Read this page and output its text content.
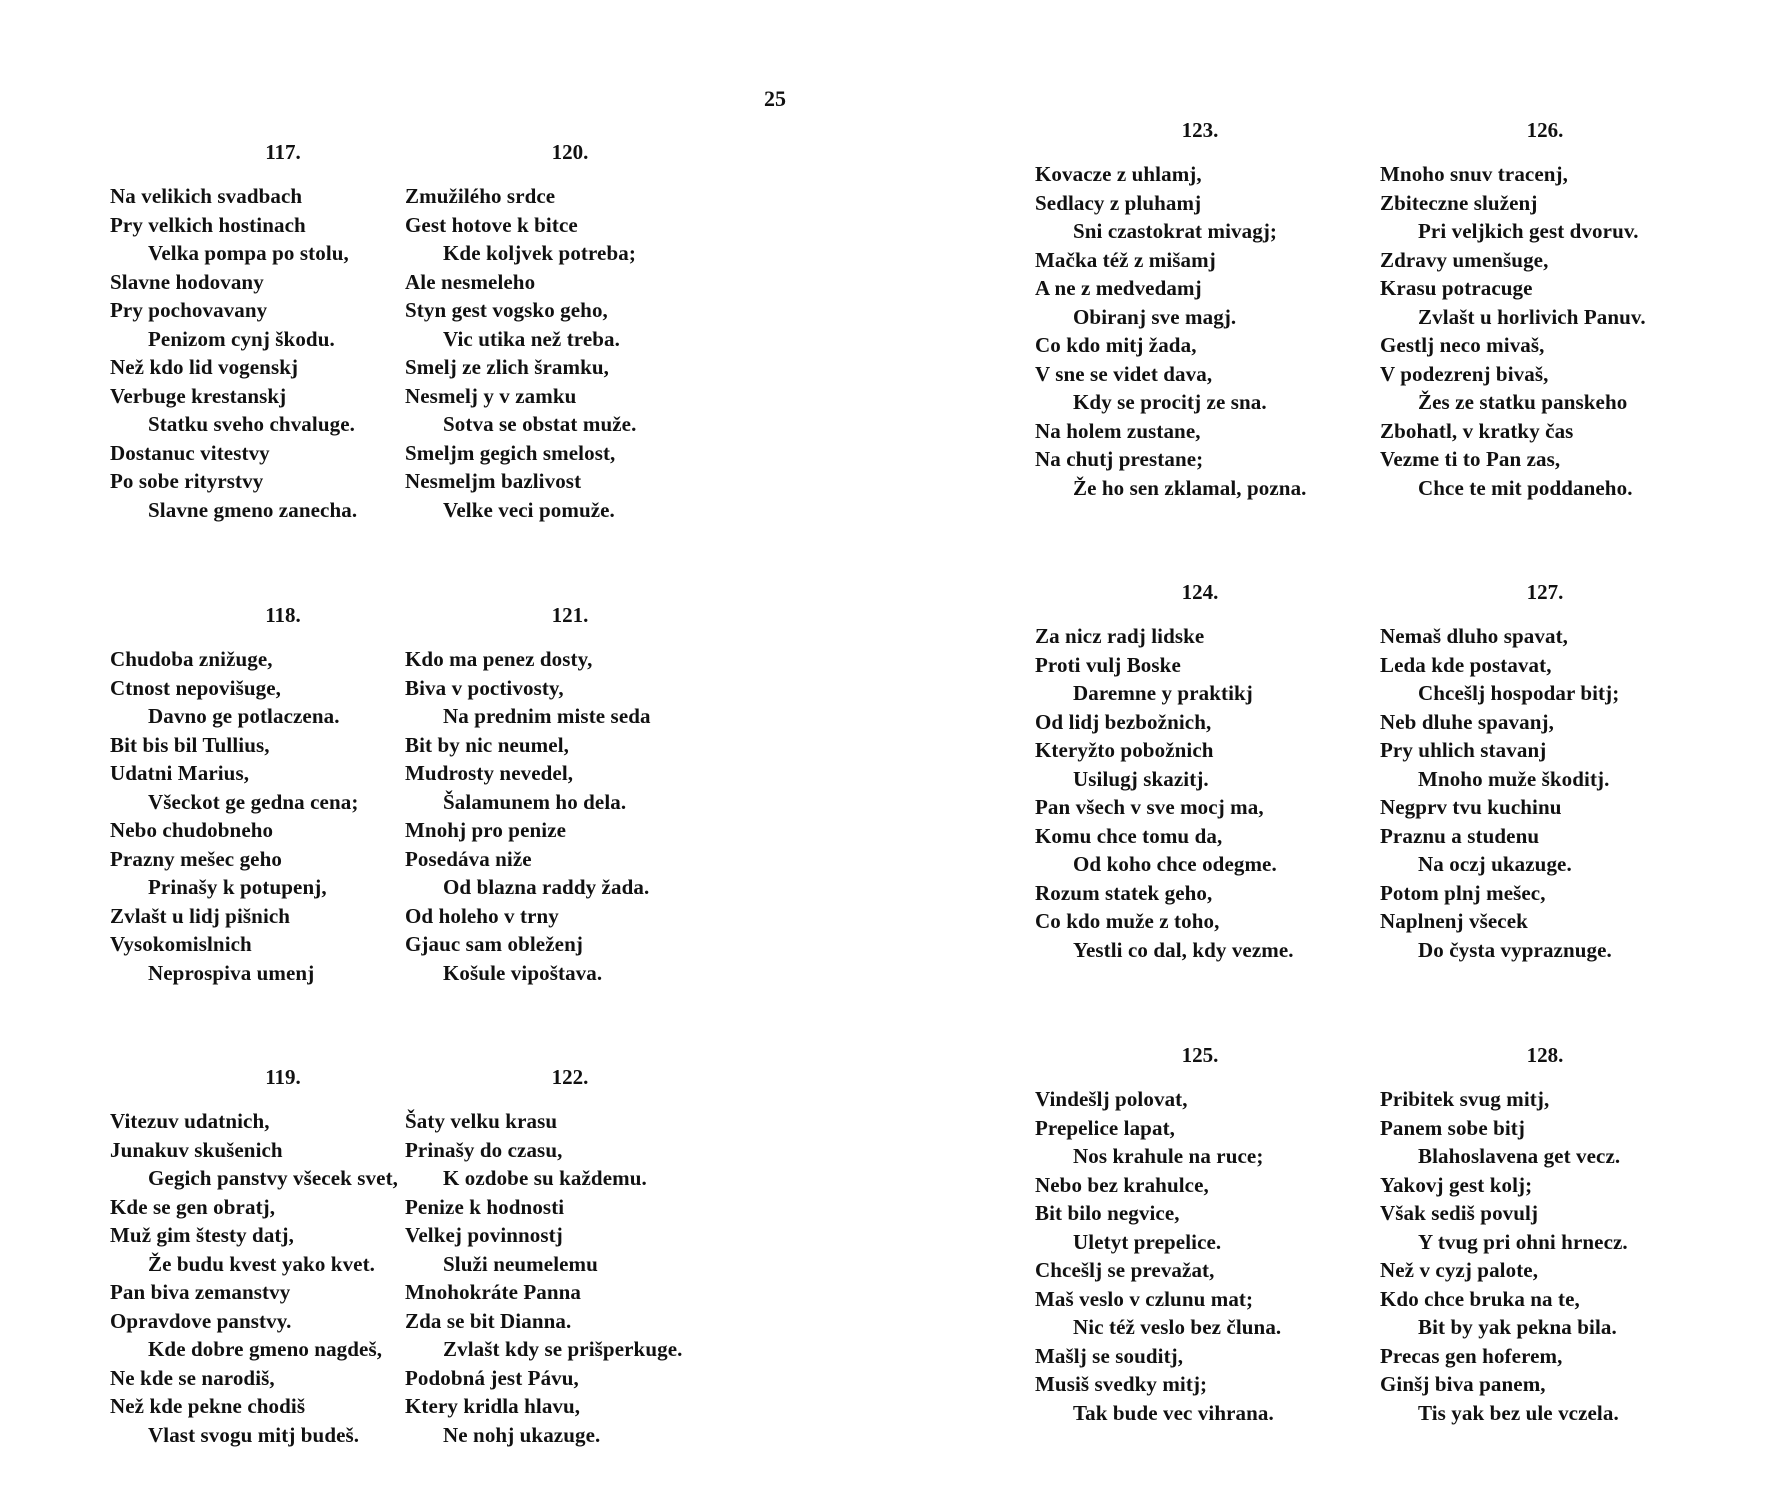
25
117.
Na velikich svadbach
Pry velkich hostinach
Velka pompa po stolu,
Slavne hodovany
Pry pochovavany
Penizom cynj škodu.
Než kdo lid vogenskj
Verbuge krestanskj
Statku sveho chvaluge.
Dostanuc vitestvy
Po sobe rityrstvy
Slavne gmeno zanecha.
118.
Chudoba znižuge,
Ctnost nepovišuge,
Davno ge potlaczena.
Bit bis bil Tullius,
Udatni Marius,
Všeckot ge gedna cena;
Nebo chudobneho
Prazny mešec geho
Prinašy k potupenj,
Zvlašt u lidj pišnich
Vysokomislnich
Neprospiva umenj
119.
Vitezuv udatnich,
Junakuv skušenich
Gegich panstvy všecek svet,
Kde se gen obratj,
Muž gim štesty datj,
Že budu kvest yako kvet.
Pan biva zemanstvy
Opravdove panstvy.
Kde dobre gmeno nagdeš,
Ne kde se narodiš,
Než kde pekne chodiš
Vlast svogu mitj budeš.
120.
Zmužilého srdce
Gest hotove k bitce
Kde koljvek potreba;
Ale nesmeleho
Styn gest vogsko geho,
Vic utika než treba.
Smelj ze zlich šramku,
Nesmelj y v zamku
Sotva se obstat muže.
Smeljm gegich smelost,
Nesmeljm bazlivost
Velke veci pomuže.
121.
Kdo ma penez dosty,
Biva v poctivosty,
Na prednim miste seda
Bit by nic neumel,
Mudrosty nevedel,
Šalamunem ho dela.
Mnohj pro penize
Posedáva niže
Od blazna raddy žada.
Od holeho v trny
Gjauc sam obleženj
Košule vipoštava.
122.
Šaty velku krasu
Prinašy do czasu,
K ozdobe su každemu.
Penize k hodnosti
Velkej povinnostj
Služi neumelemu
Mnohokráte Panna
Zda se bit Dianna.
Zvlašt kdy se prišperkuge.
Podobná jest Pávu,
Ktery kridla hlavu,
Ne nohj ukazuge.
123.
Kovacze z uhlamj,
Sedlacy z pluhamj
Sni czastokrat mivagj;
Mačka též z mišamj
A ne z medvedamj
Obiranj sve magj.
Co kdo mitj žada,
V sne se videt dava,
Kdy se procitj ze sna.
Na holem zustane,
Na chutj prestane;
Že ho sen zklamal, pozna.
124.
Za nicz radj lidske
Proti vulj Boske
Daremne y praktikj
Od lidj bezbožnich,
Kteryžto pobožnich
Usilugj skazitj.
Pan všech v sve mocj ma,
Komu chce tomu da,
Od koho chce odegme.
Rozum statek geho,
Co kdo muže z toho,
Yestli co dal, kdy vezme.
125.
Vindešlj polovat,
Prepelice lapat,
Nos krahule na ruce;
Nebo bez krahulce,
Bit bilo negvice,
Uletyt prepelice.
Chcešlj se prevažat,
Maš veslo v czlunu mat;
Nic též veslo bez čluna.
Mašlj se souditj,
Musiš svedky mitj;
Tak bude vec vihrana.
126.
Mnoho snuv tracenj,
Zbiteczne služenj
Pri veljkich gest dvoruv.
Zdravy umenšuge,
Krasu potracuge
Zvlašt u horlivich Panuv.
Gestlj neco mivaš,
V podezrenj bivaš,
Žes ze statku panskeho
Zbohatl, v kratky čas
Vezme ti to Pan zas,
Chce te mit poddaneho.
127.
Nemaš dluho spavat,
Leda kde postavat,
Chcešlj hospodar bitj;
Neb dluhe spavanj,
Pry uhlich stavanj
Mnoho muže škoditj.
Negprv tvu kuchinu
Praznu a studenu
Na oczj ukazuge.
Potom plnj mešec,
Naplnenj všecek
Do čysta vypraznuge.
128.
Pribitek svug mitj,
Panem sobe bitj
Blahoslavena get vecz.
Yakovj gest kolj;
Však sediš povulj
Y tvug pri ohni hrnecz.
Než v cyzj palote,
Kdo chce bruka na te,
Bit by yak pekna bila.
Precas gen hoferem,
Ginšj biva panem,
Tis yak bez ule vczela.
